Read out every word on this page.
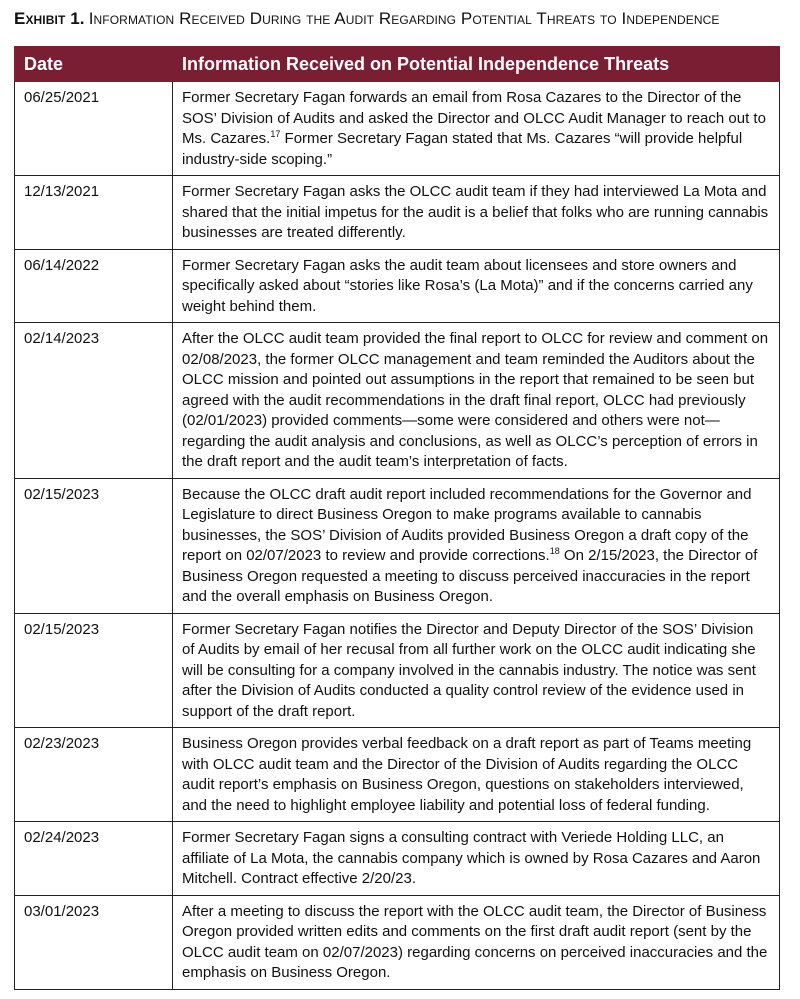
Exhibit 1. Information Received During the Audit Regarding Potential Threats to Independence
Date	Information Received on Potential Independence Threats
06/25/2021	Former Secretary Fagan forwards an email from Rosa Cazares to the Director of the SOS’ Division of Audits and asked the Director and OLCC Audit Manager to reach out to Ms. Cazares.$^{17}$ Former Secretary Fagan stated that Ms. Cazares “will provide helpful industry-side scoping.”
12/13/2021	Former Secretary Fagan asks the OLCC audit team if they had interviewed La Mota and shared that the initial impetus for the audit is a belief that folks who are running cannabis businesses are treated differently.
06/14/2022	Former Secretary Fagan asks the audit team about licensees and store owners and specifically asked about “stories like Rosa’s (La Mota)” and if the concerns carried any weight behind them.
02/14/2023	After the OLCC audit team provided the final report to OLCC for review and comment on 02/08/2023, the former OLCC management and team reminded the Auditors about the OLCC mission and pointed out assumptions in the report that remained to be seen but agreed with the audit recommendations in the draft final report, OLCC had previously (02/01/2023) provided comments—some were considered and others were not—regarding the audit analysis and conclusions, as well as OLCC’s perception of errors in the draft report and the audit team’s interpretation of facts.
02/15/2023	Because the OLCC draft audit report included recommendations for the Governor and Legislature to direct Business Oregon to make programs available to cannabis businesses, the SOS’ Division of Audits provided Business Oregon a draft copy of the report on 02/07/2023 to review and provide corrections.$^{18}$ On 2/15/2023, the Director of Business Oregon requested a meeting to discuss perceived inaccuracies in the report and the overall emphasis on Business Oregon.
02/15/2023	Former Secretary Fagan notifies the Director and Deputy Director of the SOS’ Division of Audits by email of her recusal from all further work on the OLCC audit indicating she will be consulting for a company involved in the cannabis industry. The notice was sent after the Division of Audits conducted a quality control review of the evidence used in support of the draft report.
02/23/2023	Business Oregon provides verbal feedback on a draft report as part of Teams meeting with OLCC audit team and the Director of the Division of Audits regarding the OLCC audit report’s emphasis on Business Oregon, questions on stakeholders interviewed, and the need to highlight employee liability and potential loss of federal funding.
02/24/2023	Former Secretary Fagan signs a consulting contract with Veriede Holding LLC, an affiliate of La Mota, the cannabis company which is owned by Rosa Cazares and Aaron Mitchell. Contract effective 2/20/23.
03/01/2023	After a meeting to discuss the report with the OLCC audit team, the Director of Business Oregon provided written edits and comments on the first draft audit report (sent by the OLCC audit team on 02/07/2023) regarding concerns on perceived inaccuracies and the emphasis on Business Oregon.
